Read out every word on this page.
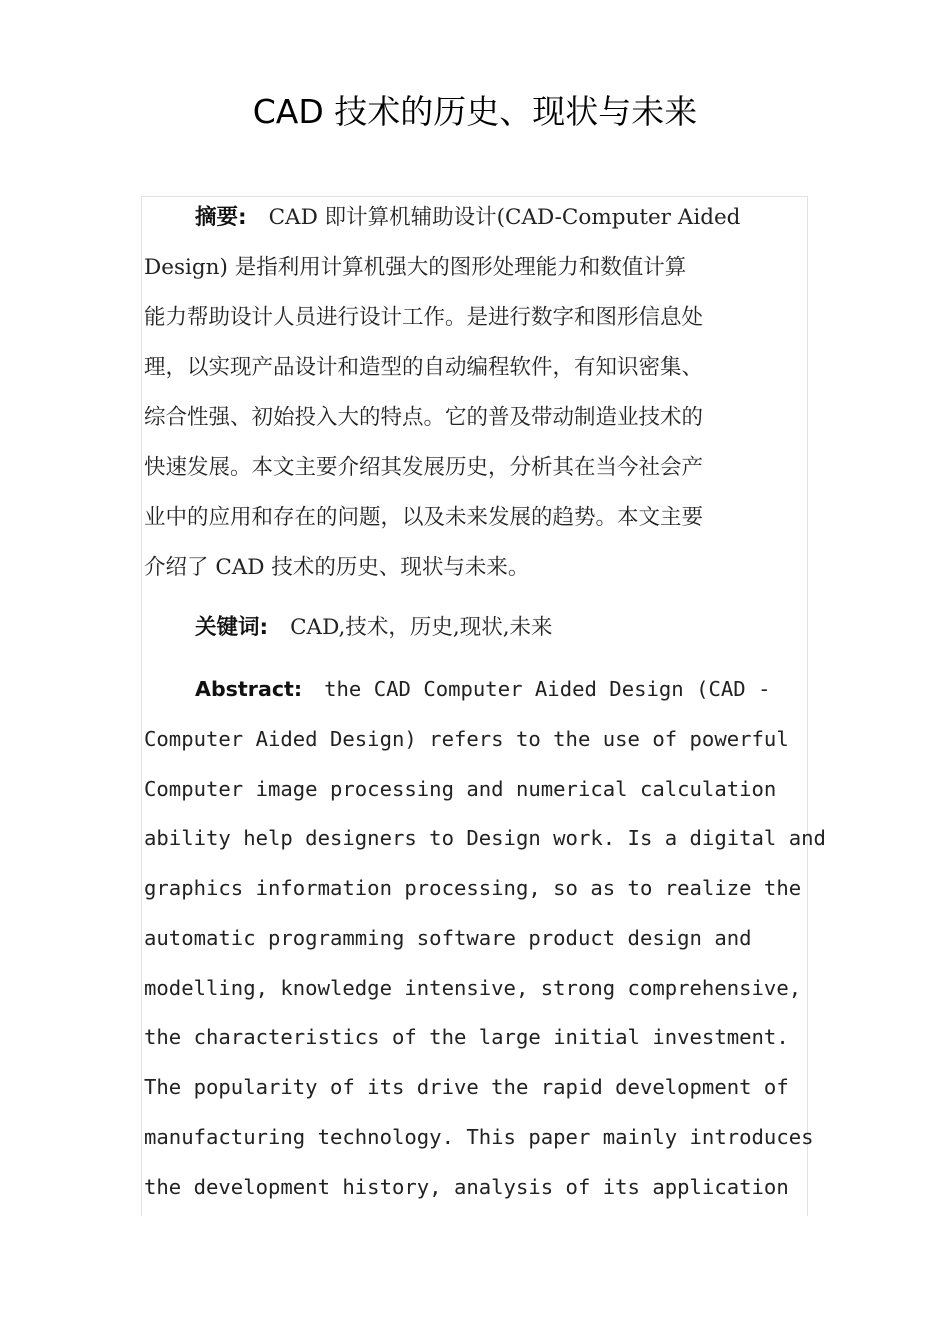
CAD 技术的历史、现状与未来
摘要: CAD 即计算机辅助设计(CAD-Computer Aided
Design) 是指利用计算机强大的图形处理能力和数值计算
能力帮助设计人员进行设计工作。是进行数字和图形信息处
理，以实现产品设计和造型的自动编程软件，有知识密集、
综合性强、初始投入大的特点。它的普及带动制造业技术的
快速发展。本文主要介绍其发展历史，分析其在当今社会产
业中的应用和存在的问题，以及未来发展的趋势。本文主要
介绍了 CAD 技术的历史、现状与未来。
关键词: CAD,技术，历史,现状,未来
Abstract: the CAD Computer Aided Design (CAD -
Computer Aided Design) refers to the use of powerful
Computer image processing and numerical calculation
ability help designers to Design work. Is a digital and
graphics information processing, so as to realize the
automatic programming software product design and
modelling, knowledge intensive, strong comprehensive,
the characteristics of the large initial investment.
The popularity of its drive the rapid development of
manufacturing technology. This paper mainly introduces
the development history, analysis of its application
